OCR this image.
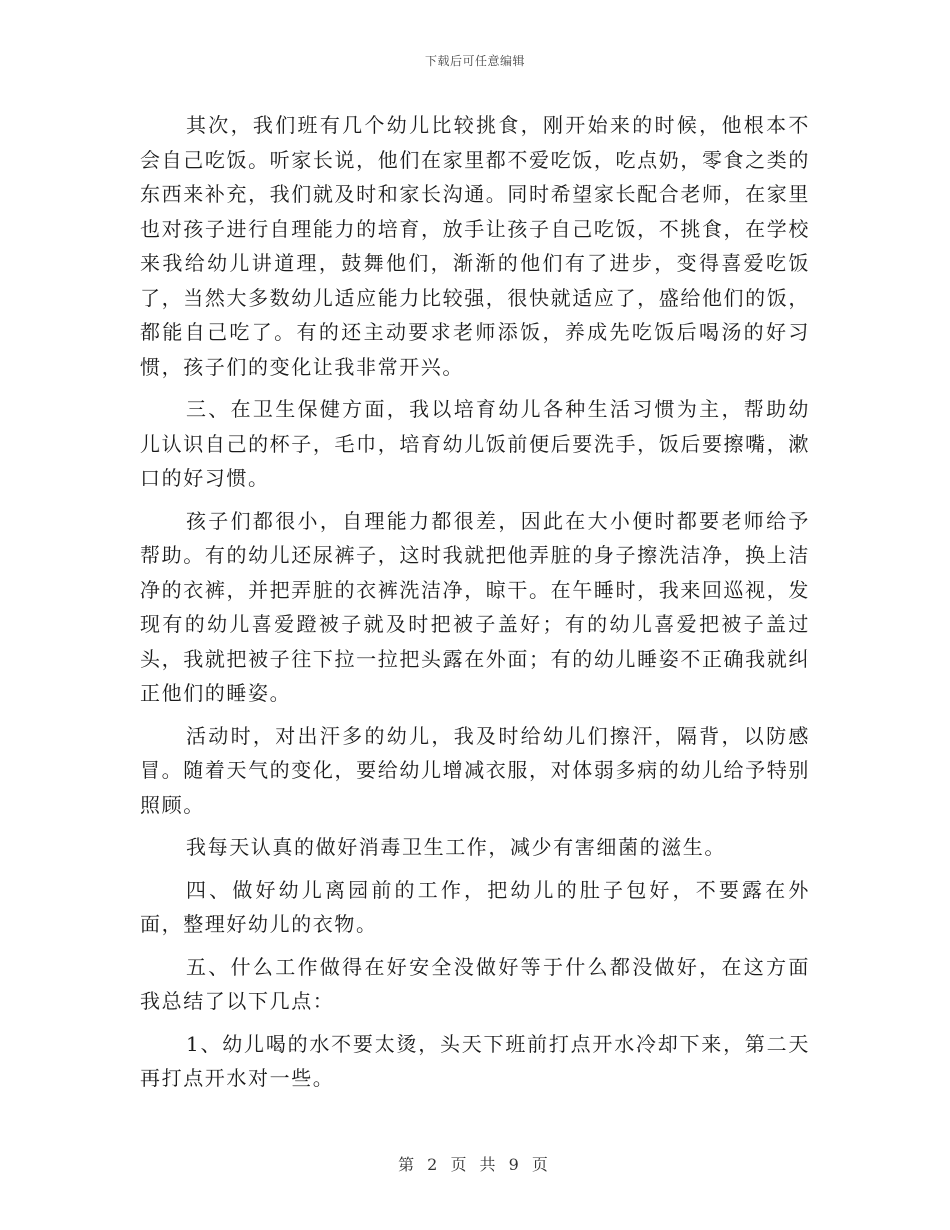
下载后可任意编辑

其次，我们班有几个幼儿比较挑食，刚开始来的时候，他根本不会自己吃饭。听家长说，他们在家里都不爱吃饭，吃点奶，零食之类的东西来补充，我们就及时和家长沟通。同时希望家长配合老师，在家里也对孩子进行自理能力的培育，放手让孩子自己吃饭，不挑食，在学校来我给幼儿讲道理，鼓舞他们，渐渐的他们有了进步，变得喜爱吃饭了，当然大多数幼儿适应能力比较强，很快就适应了，盛给他们的饭，都能自己吃了。有的还主动要求老师添饭，养成先吃饭后喝汤的好习惯，孩子们的变化让我非常开兴。

三、在卫生保健方面，我以培育幼儿各种生活习惯为主，帮助幼儿认识自己的杯子，毛巾，培育幼儿饭前便后要洗手，饭后要擦嘴，漱口的好习惯。

孩子们都很小，自理能力都很差，因此在大小便时都要老师给予帮助。有的幼儿还尿裤子，这时我就把他弄脏的身子擦洗洁净，换上洁净的衣裤，并把弄脏的衣裤洗洁净，晾干。在午睡时，我来回巡视，发现有的幼儿喜爱蹬被子就及时把被子盖好；有的幼儿喜爱把被子盖过头，我就把被子往下拉一拉把头露在外面；有的幼儿睡姿不正确我就纠正他们的睡姿。

活动时，对出汗多的幼儿，我及时给幼儿们擦汗，隔背，以防感冒。随着天气的变化，要给幼儿增减衣服，对体弱多病的幼儿给予特别照顾。

我每天认真的做好消毒卫生工作，减少有害细菌的滋生。

四、做好幼儿离园前的工作，把幼儿的肚子包好，不要露在外面，整理好幼儿的衣物。

五、什么工作做得在好安全没做好等于什么都没做好，在这方面我总结了以下几点：

1、幼儿喝的水不要太烫，头天下班前打点开水冷却下来，第二天再打点开水对一些。

第 2 页 共 9 页
